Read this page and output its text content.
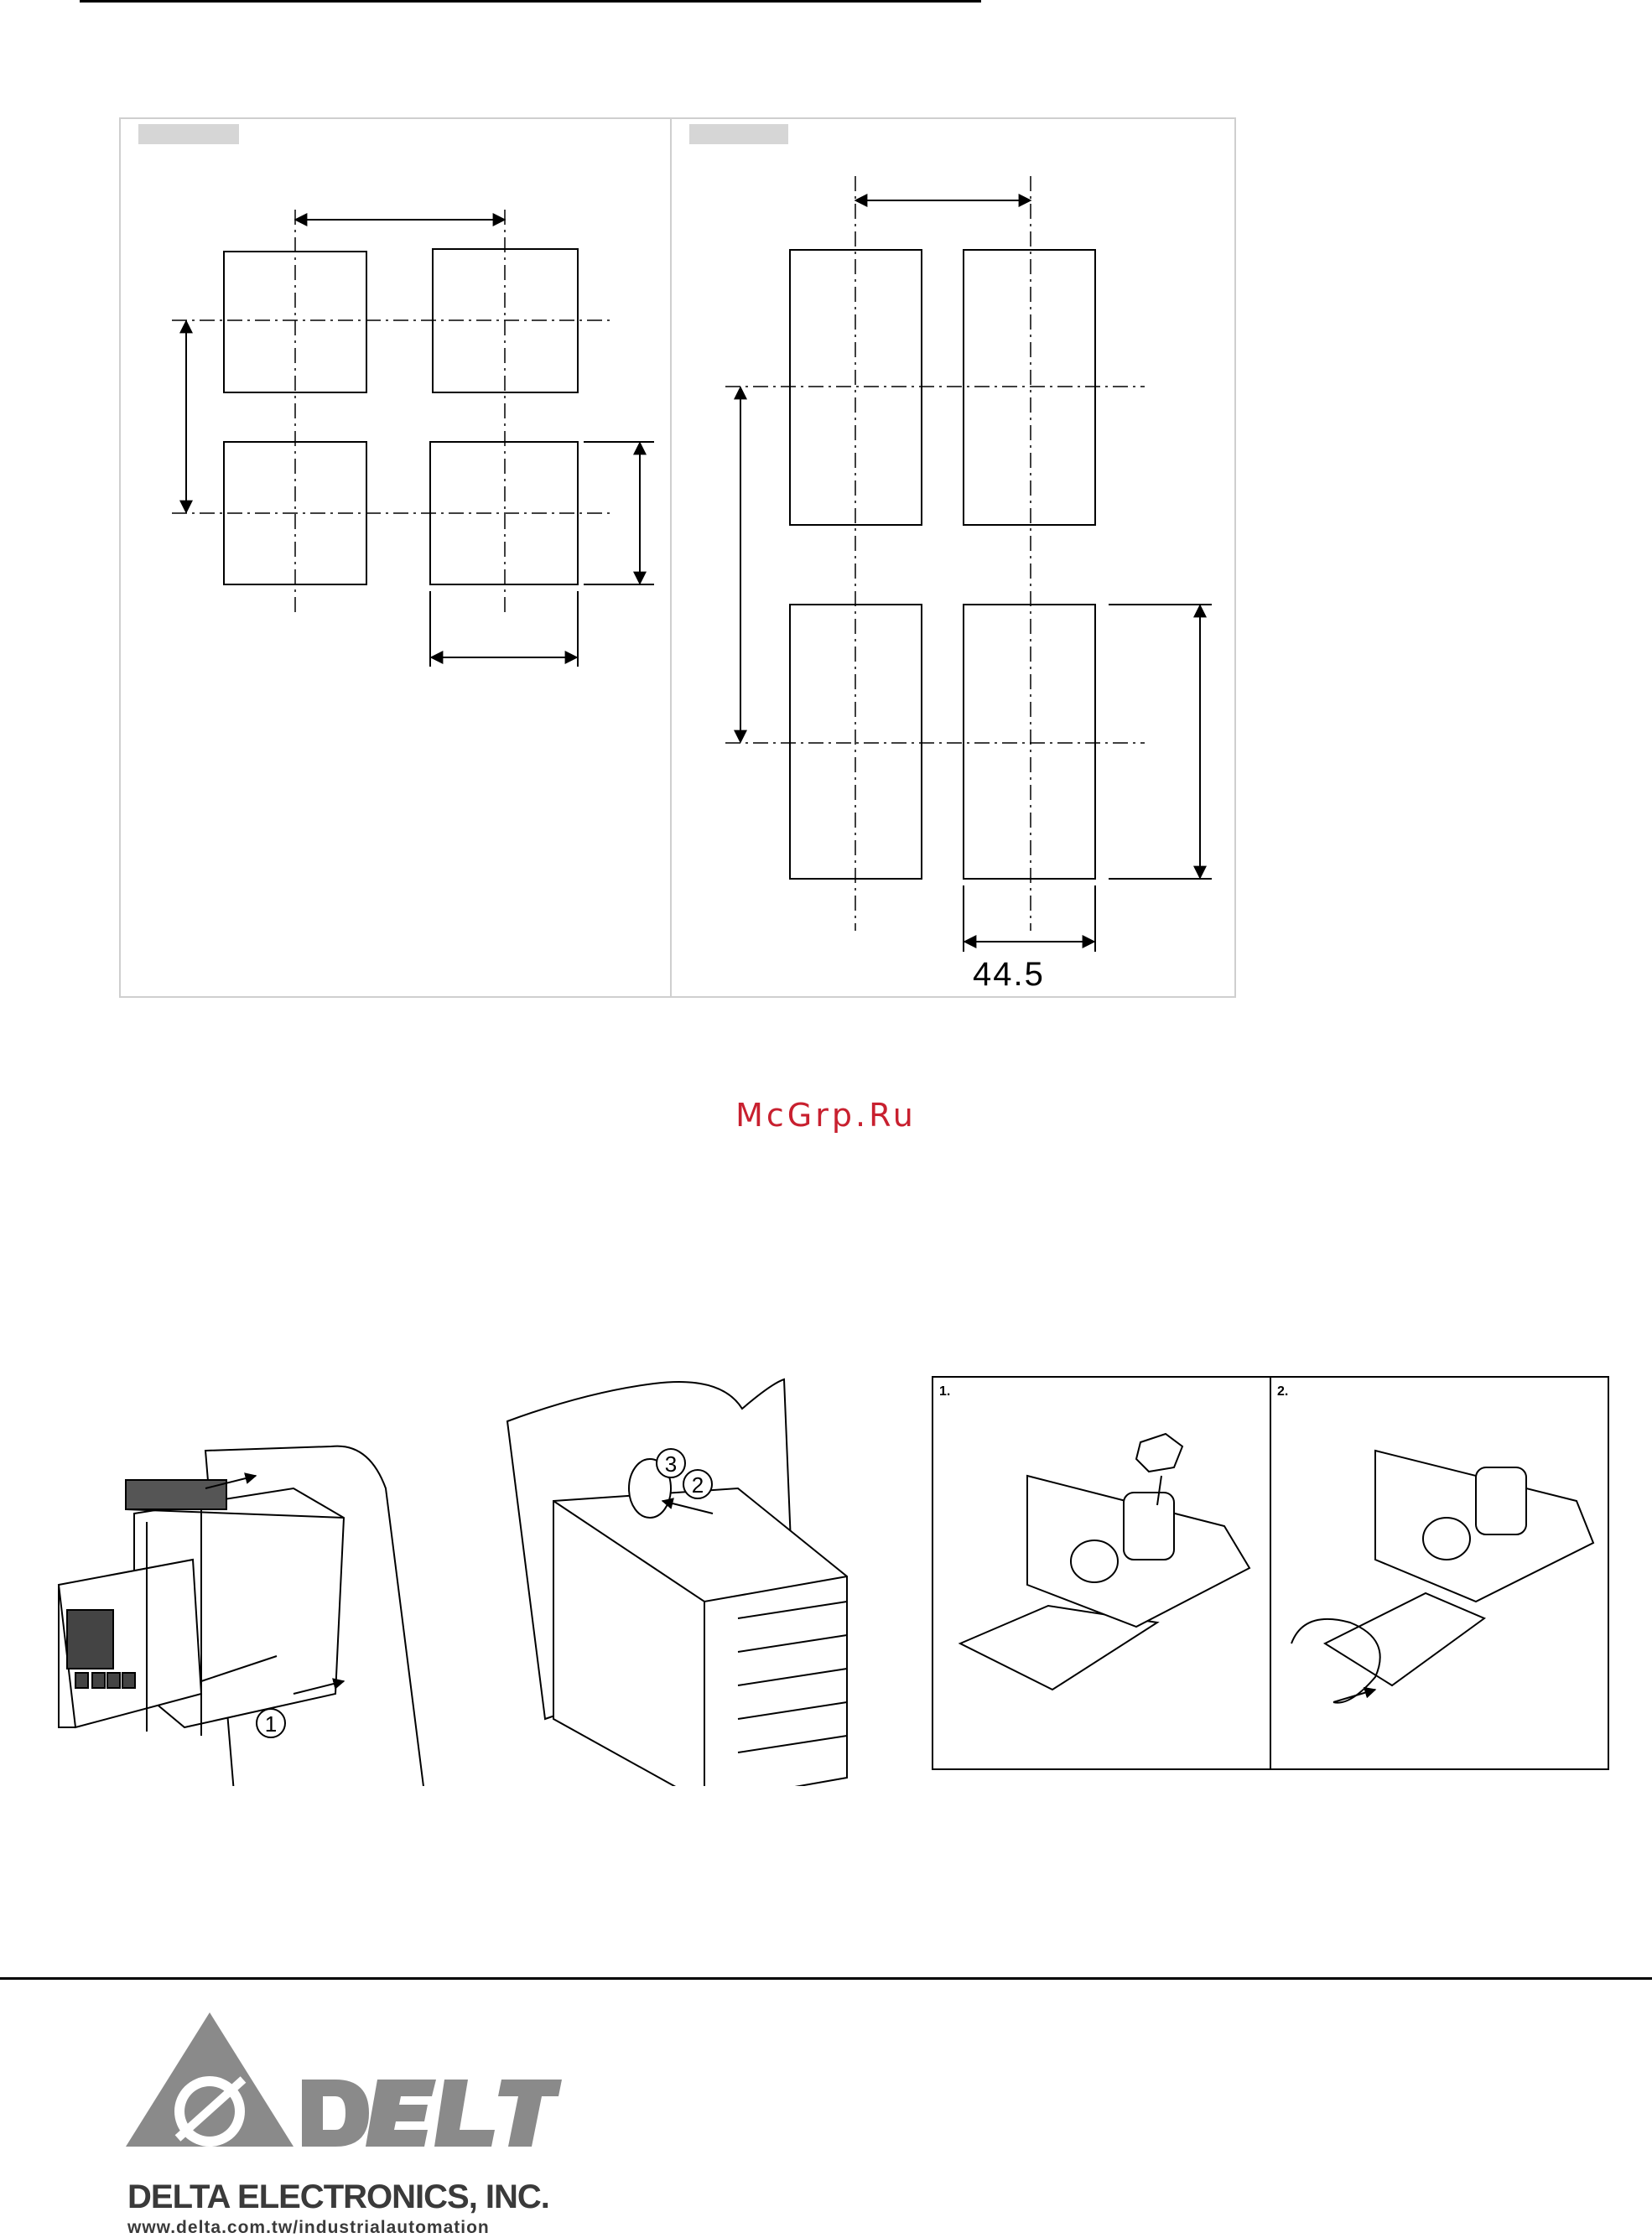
44.5
McGrp.Ru
1
3
2
1.	2.
DELTA ELECTRONICS, INC.
www.delta.com.tw/industrialautomation
